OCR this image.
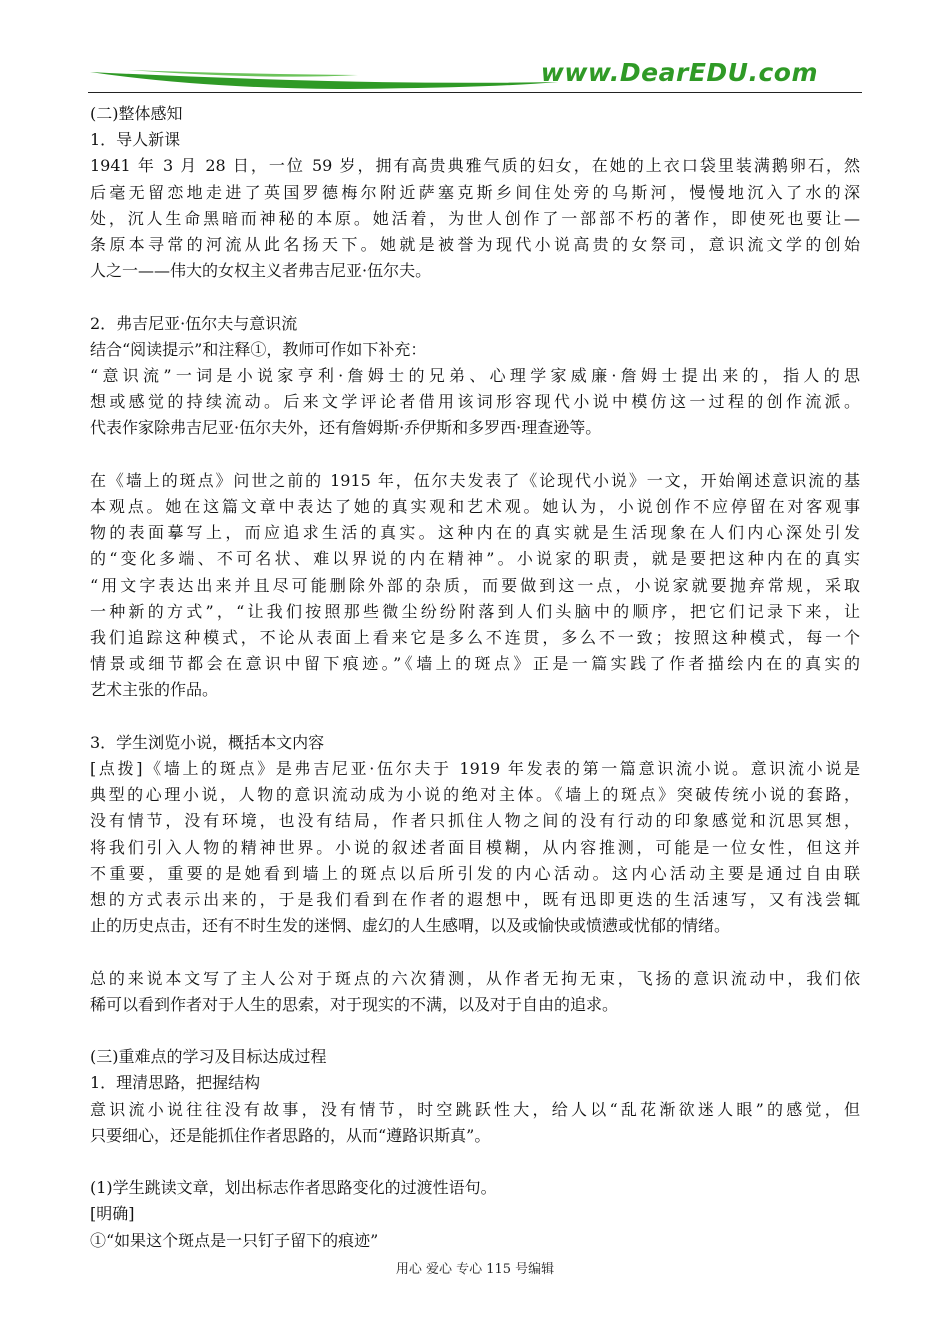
www.DearEDU.com

(二)整体感知

1．导人新课

1941 年 3 月 28 日，一位 59 岁，拥有高贵典雅气质的妇女，在她的上衣口袋里装满鹅卵石，然

后毫无留恋地走进了英国罗德梅尔附近萨塞克斯乡间住处旁的乌斯河，慢慢地沉入了水的深

处，沉人生命黑暗而神秘的本原。她活着，为世人创作了一部部不朽的著作，即使死也要让—

条原本寻常的河流从此名扬天下。她就是被誉为现代小说高贵的女祭司，意识流文学的创始

人之一——伟大的女权主义者弗吉尼亚·伍尔夫。

2．弗吉尼亚·伍尔夫与意识流

结合“阅读提示”和注释①，教师可作如下补充：

“意识流”一词是小说家亨利·詹姆士的兄弟、心理学家威廉·詹姆士提出来的，指人的思

想或感觉的持续流动。后来文学评论者借用该词形容现代小说中模仿这一过程的创作流派。

代表作家除弗吉尼亚·伍尔夫外，还有詹姆斯·乔伊斯和多罗西·理查逊等。

在《墙上的斑点》问世之前的 1915 年，伍尔夫发表了《论现代小说》一文，开始阐述意识流的基

本观点。她在这篇文章中表达了她的真实观和艺术观。她认为，小说创作不应停留在对客观事

物的表面摹写上，而应追求生活的真实。这种内在的真实就是生活现象在人们内心深处引发

的“变化多端、不可名状、难以界说的内在精神”。小说家的职责，就是要把这种内在的真实

“用文字表达出来并且尽可能删除外部的杂质，而要做到这一点，小说家就要抛弃常规，采取

一种新的方式”，“让我们按照那些微尘纷纷附落到人们头脑中的顺序，把它们记录下来，让

我们追踪这种模式，不论从表面上看来它是多么不连贯，多么不一致；按照这种模式，每一个

情景或细节都会在意识中留下痕迹。”《墙上的斑点》正是一篇实践了作者描绘内在的真实的

艺术主张的作品。

3．学生浏览小说，概括本文内容

[点拨]《墙上的斑点》是弗吉尼亚·伍尔夫于 1919 年发表的第一篇意识流小说。意识流小说是

典型的心理小说，人物的意识流动成为小说的绝对主体。《墙上的斑点》突破传统小说的套路，

没有情节，没有环境，也没有结局，作者只抓住人物之间的没有行动的印象感觉和沉思冥想，

将我们引入人物的精神世界。小说的叙述者面目模糊，从内容推测，可能是一位女性，但这并

不重要，重要的是她看到墙上的斑点以后所引发的内心活动。这内心活动主要是通过自由联

想的方式表示出来的，于是我们看到在作者的遐想中，既有迅即更迭的生活速写，又有浅尝辄

止的历史点击，还有不时生发的迷惘、虚幻的人生感喟，以及或愉快或愤懑或忧郁的情绪。

总的来说本文写了主人公对于斑点的六次猜测，从作者无拘无束，飞扬的意识流动中，我们依

稀可以看到作者对于人生的思索，对于现实的不满，以及对于自由的追求。

(三)重难点的学习及目标达成过程

1．理清思路，把握结构

意识流小说往往没有故事，没有情节，时空跳跃性大，给人以“乱花渐欲迷人眼”的感觉，但

只要细心，还是能抓住作者思路的，从而“遵路识斯真”。

(1)学生跳读文章，划出标志作者思路变化的过渡性语句。

[明确]

①“如果这个斑点是一只钉子留下的痕迹”

用心 爱心 专心 115 号编辑
